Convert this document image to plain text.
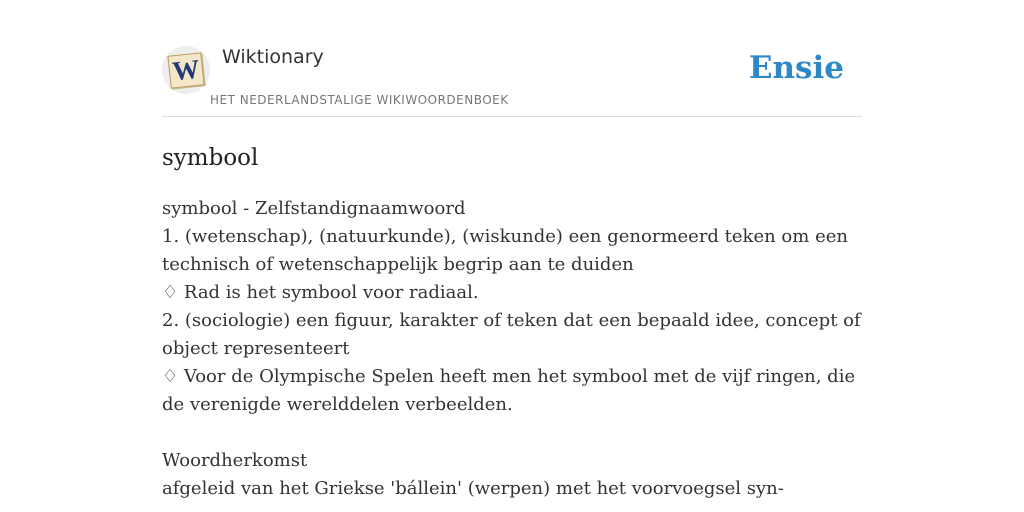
W Wiktionary
HET NEDERLANDSTALIGE WIKIWOORDENBOEK
Ensie
symbool

symbool - Zelfstandignaamwoord

1. (wetenschap), (natuurkunde), (wiskunde) een genormeerd teken om een technisch of wetenschappelijk begrip aan te duiden

♢ Rad is het symbool voor radiaal.

2. (sociologie) een figuur, karakter of teken dat een bepaald idee, concept of object representeert

♢ Voor de Olympische Spelen heeft men het symbool met de vijf ringen, die de verenigde werelddelen verbeelden.

Woordherkomst

afgeleid van het Griekse 'bállein' (werpen) met het voorvoegsel syn-
